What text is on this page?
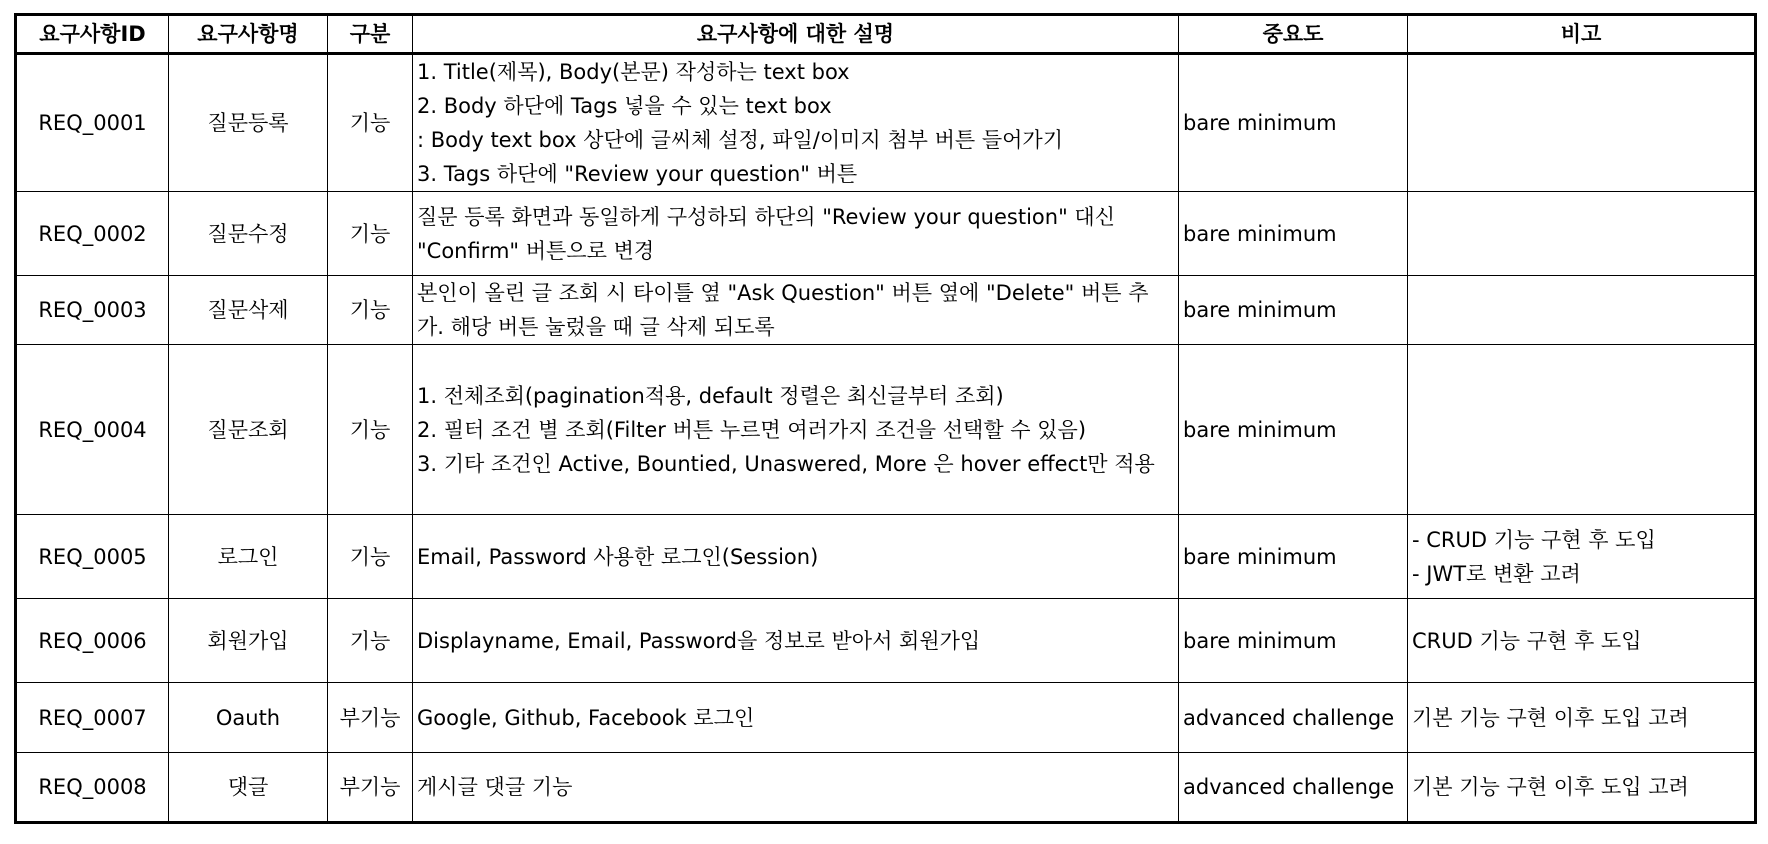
요구사항ID	요구사항명	구분	요구사항에 대한 설명	중요도	비고
REQ_0001	질문등록	기능	1. Title(제목), Body(본문) 작성하는 text box
2. Body 하단에 Tags 넣을 수 있는 text box
: Body text box 상단에 글씨체 설정, 파일/이미지 첨부 버튼 들어가기
3. Tags 하단에 "Review your question" 버튼	bare minimum	
REQ_0002	질문수정	기능	질문 등록 화면과 동일하게 구성하되 하단의 "Review your question" 대신 "Confirm" 버튼으로 변경	bare minimum	
REQ_0003	질문삭제	기능	본인이 올린 글 조회 시 타이틀 옆 "Ask Question" 버튼 옆에 "Delete" 버튼 추가. 해당 버튼 눌렀을 때 글 삭제 되도록	bare minimum	
REQ_0004	질문조회	기능	1. 전체조회(pagination적용, default 정렬은 최신글부터 조회)
2. 필터 조건 별 조회(Filter 버튼 누르면 여러가지 조건을 선택할 수 있음)
3. 기타 조건인 Active, Bountied, Unaswered, More 은 hover effect만 적용	bare minimum	
REQ_0005	로그인	기능	Email, Password 사용한 로그인(Session)	bare minimum	- CRUD 기능 구현 후 도입
- JWT로 변환 고려

REQ_0006	회원가입	기능	Displayname, Email, Password을 정보로 받아서 회원가입	bare minimum	CRUD 기능 구현 후 도입

REQ_0007	Oauth	부기능	Google, Github, Facebook 로그인	advanced challenge	기본 기능 구현 이후 도입 고려

REQ_0008	댓글	부기능	게시글 댓글 기능	advanced challenge	기본 기능 구현 이후 도입 고려
